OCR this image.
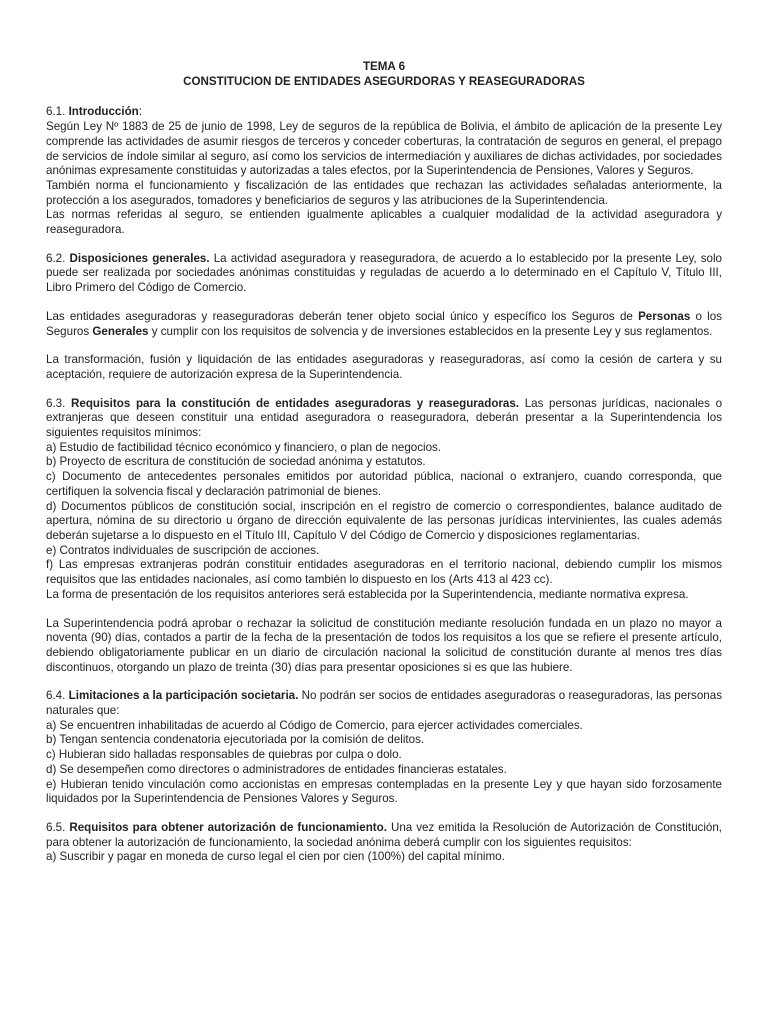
TEMA 6

CONSTITUCION DE ENTIDADES ASEGURDORAS Y REASEGURADORAS

6.1. Introducción:

Según Ley Nº 1883 de 25 de junio de 1998, Ley de seguros de la república de Bolivia, el ámbito de aplicación de la presente Ley comprende las actividades de asumir riesgos de terceros y conceder coberturas, la contratación de seguros en general, el prepago de servicios de índole similar al seguro, así como los servicios de intermediación y auxiliares de dichas actividades, por sociedades anónimas expresamente constituidas y autorizadas a tales efectos, por la Superintendencia de Pensiones, Valores y Seguros.

También norma el funcionamiento y fiscalización de las entidades que rechazan las actividades señaladas anteriormente, la protección a los asegurados, tomadores y beneficiarios de seguros y las atribuciones de la Superintendencia.

Las normas referidas al seguro, se entienden igualmente aplicables a cualquier modalidad de la actividad aseguradora y reaseguradora.

6.2. Disposiciones generales. La actividad aseguradora y reaseguradora, de acuerdo a lo establecido por la presente Ley, solo puede ser realizada por sociedades anónimas constituidas y reguladas de acuerdo a lo determinado en el Capítulo V, Título III, Libro Primero del Código de Comercio.

Las entidades aseguradoras y reaseguradoras deberán tener objeto social único y específico los Seguros de Personas o los Seguros Generales y cumplir con los requisitos de solvencia y de inversiones establecidos en la presente Ley y sus reglamentos.

La transformación, fusión y liquidación de las entidades aseguradoras y reaseguradoras, así como la cesión de cartera y su aceptación, requiere de autorización expresa de la Superintendencia.

6.3. Requisitos para la constitución de entidades aseguradoras y reaseguradoras. Las personas jurídicas, nacionales o extranjeras que deseen constituir una entidad aseguradora o reaseguradora, deberán presentar a la Superintendencia los siguientes requisitos mínimos:

a) Estudio de factibilidad técnico económico y financiero, o plan de negocios.

b) Proyecto de escritura de constitución de sociedad anónima y estatutos.

c) Documento de antecedentes personales emitidos por autoridad pública, nacional o extranjero, cuando corresponda, que certifiquen la solvencia fiscal y declaración patrimonial de bienes.

d) Documentos públicos de constitución social, inscripción en el registro de comercio o correspondientes, balance auditado de apertura, nómina de su directorio u órgano de dirección equivalente de las personas jurídicas intervinientes, las cuales además deberán sujetarse a lo dispuesto en el Título III, Capítulo V del Código de Comercio y disposiciones reglamentarias.

e) Contratos individuales de suscripción de acciones.

f) Las empresas extranjeras podrán constituir entidades aseguradoras en el territorio nacional, debiendo cumplir los mismos requisitos que las entidades nacionales, así como también lo dispuesto en los (Arts 413 al 423 cc).

La forma de presentación de los requisitos anteriores será establecida por la Superintendencia, mediante normativa expresa.

La Superintendencia podrá aprobar o rechazar la solicitud de constitución mediante resolución fundada en un plazo no mayor a noventa (90) días, contados a partir de la fecha de la presentación de todos los requisitos a los que se refiere el presente artículo, debiendo obligatoriamente publicar en un diario de circulación nacional la solicitud de constitución durante al menos tres días discontinuos, otorgando un plazo de treinta (30) días para presentar oposiciones si es que las hubiere.

6.4. Limitaciones a la participación societaria. No podrán ser socios de entidades aseguradoras o reaseguradoras, las personas naturales que:

a) Se encuentren inhabilitadas de acuerdo al Código de Comercio, para ejercer actividades comerciales.

b) Tengan sentencia condenatoria ejecutoriada por la comisión de delitos.

c) Hubieran sido halladas responsables de quiebras por culpa o dolo.

d) Se desempeñen como directores o administradores de entidades financieras estatales.

e) Hubieran tenido vinculación como accionistas en empresas contempladas en la presente Ley y que hayan sido forzosamente liquidados por la Superintendencia de Pensiones Valores y Seguros.

6.5. Requisitos para obtener autorización de funcionamiento. Una vez emitida la Resolución de Autorización de Constitución, para obtener la autorización de funcionamiento, la sociedad anónima deberá cumplir con los siguientes requisitos:

a) Suscribir y pagar en moneda de curso legal el cien por cien (100%) del capital mínimo.
